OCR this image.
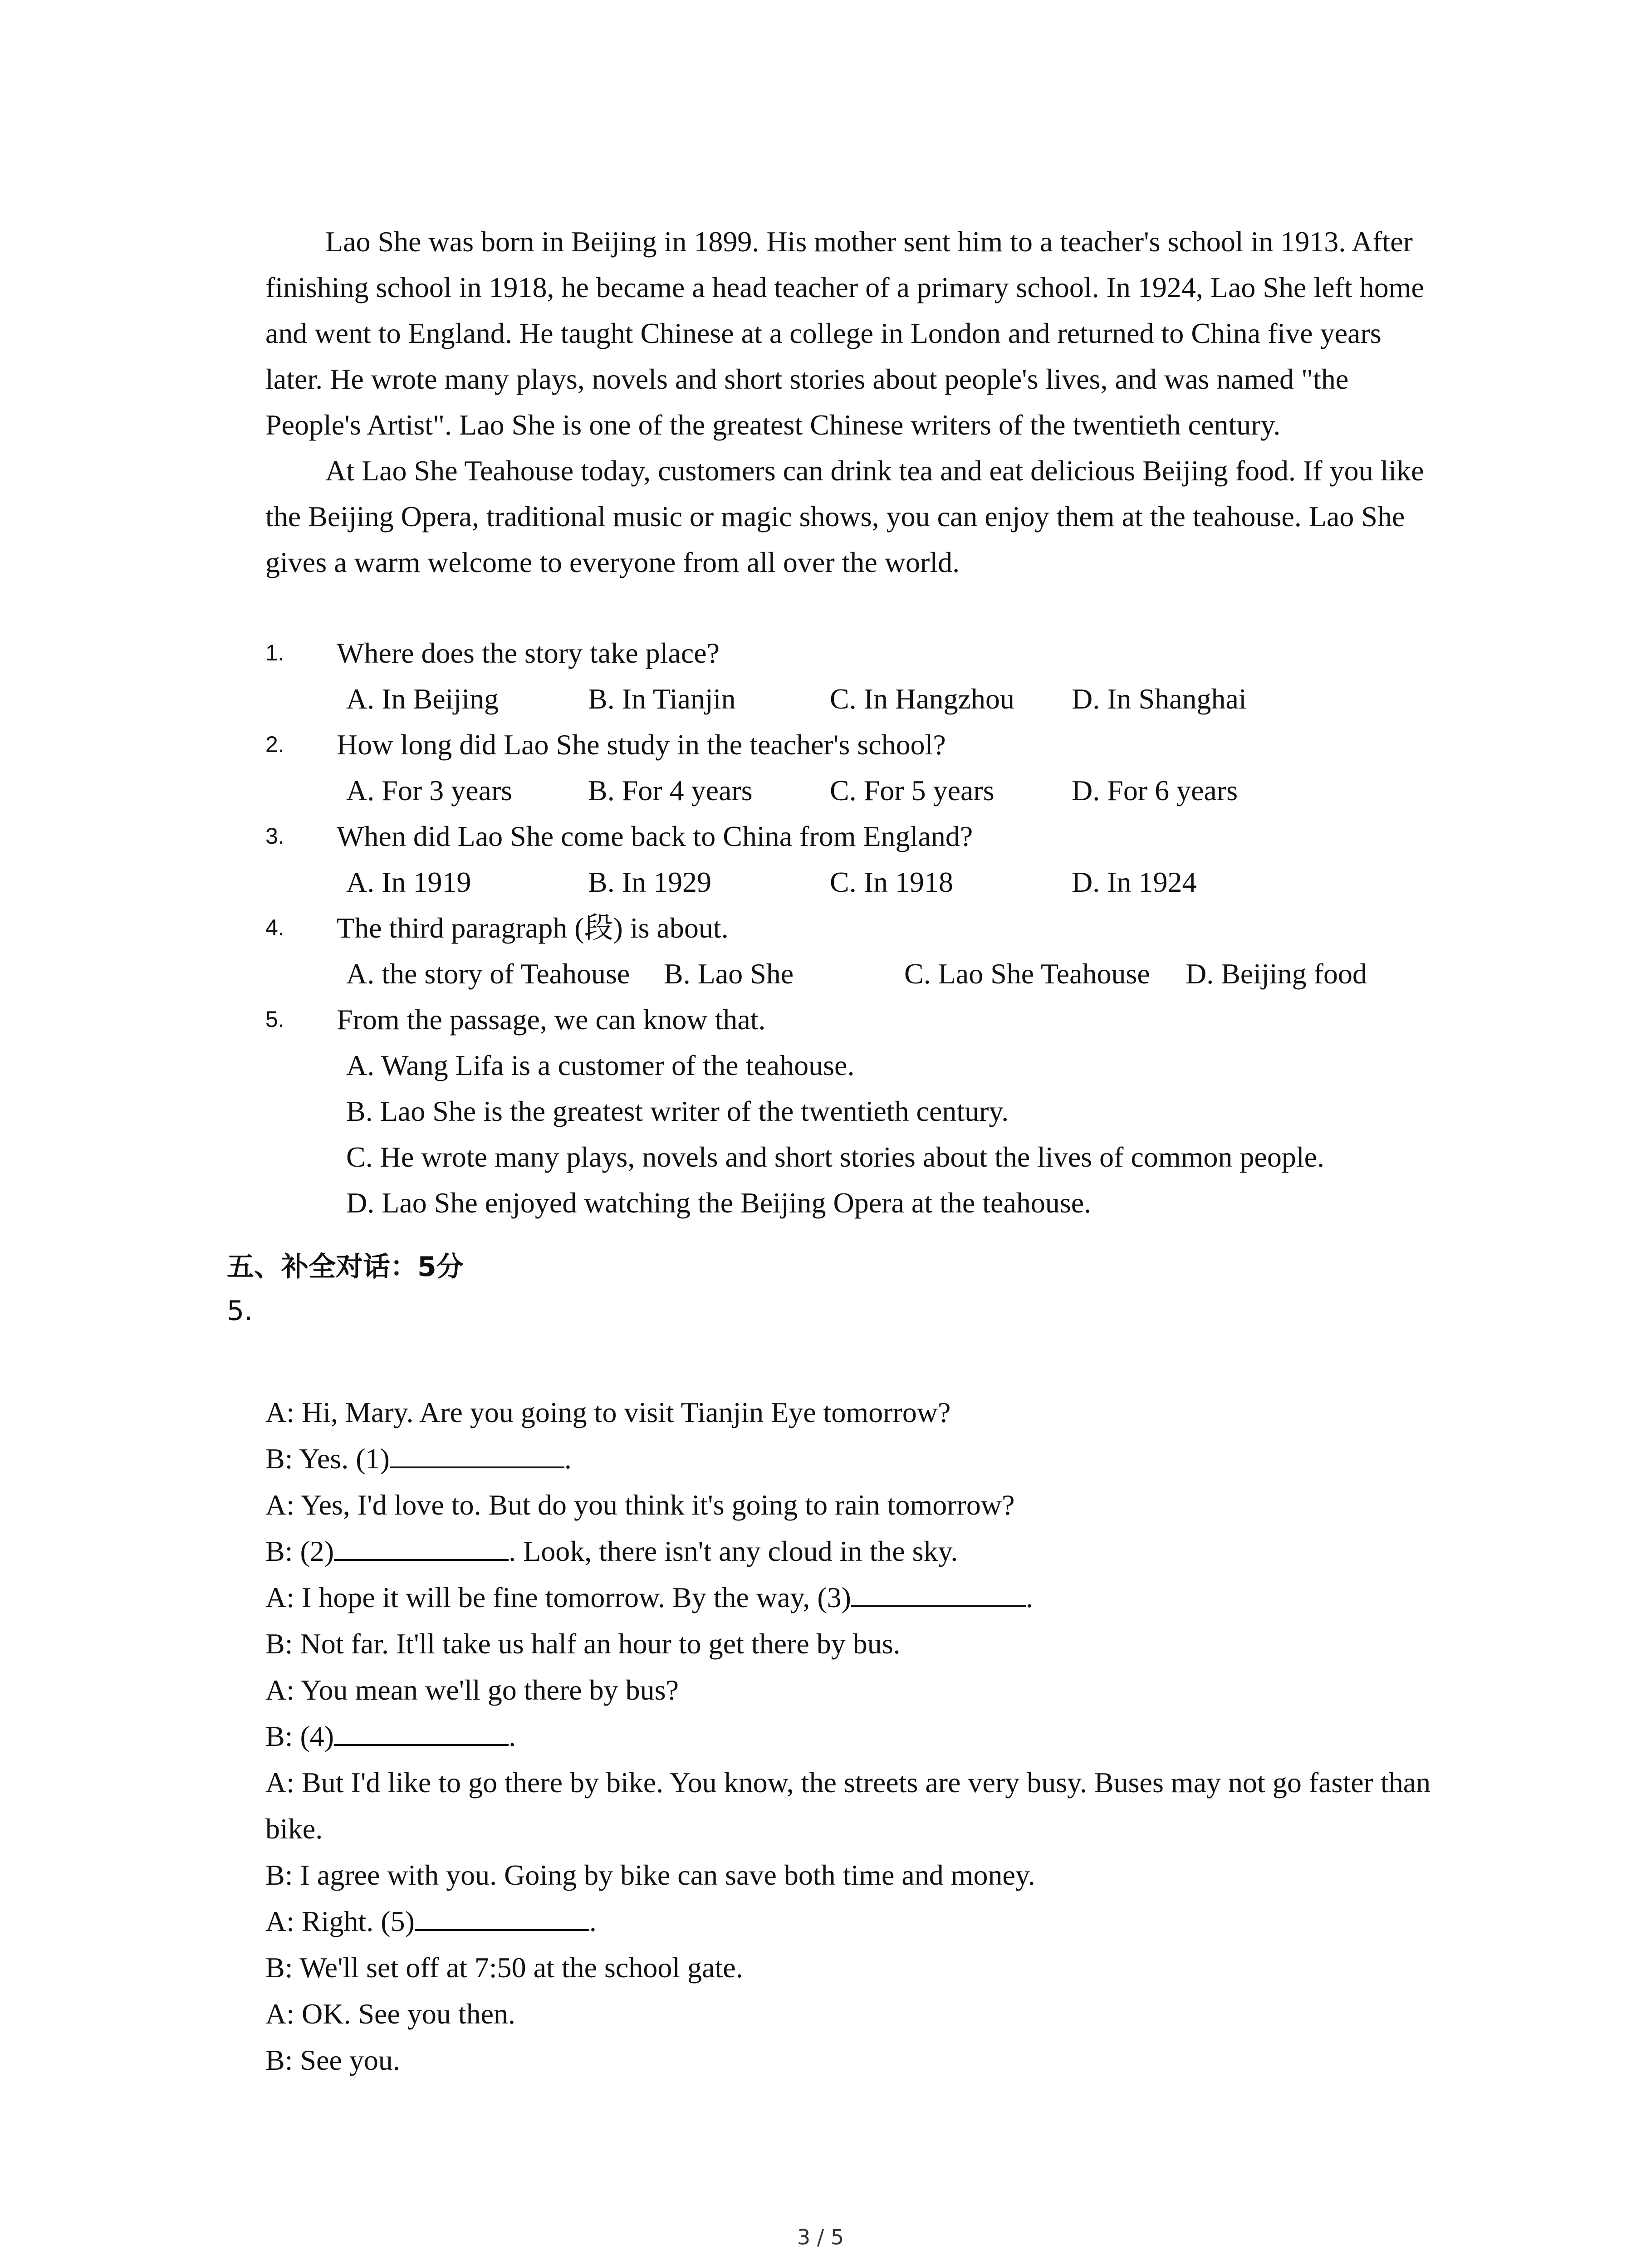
Lao She was born in Beijing in 1899. His mother sent him to a teacher's school in 1913. After finishing school in 1918, he became a head teacher of a primary school. In 1924, Lao She left home and went to England. He taught Chinese at a college in London and returned to China five years later. He wrote many plays, novels and short stories about people's lives, and was named "the People's Artist". Lao She is one of the greatest Chinese writers of the twentieth century.

At Lao She Teahouse today, customers can drink tea and eat delicious Beijing food. If you like the Beijing Opera, traditional music or magic shows, you can enjoy them at the teahouse. Lao She gives a warm welcome to everyone from all over the world.

1. Where does the story take place?
A. In Beijing	B. In Tianjin	C. In Hangzhou	D. In Shanghai
2. How long did Lao She study in the teacher's school?
A. For 3 years	B. For 4 years	C. For 5 years	D. For 6 years
3. When did Lao She come back to China from England?
A. In 1919	B. In 1929	C. In 1918	D. In 1924
4. The third paragraph (段) is about.
A. the story of Teahouse	B. Lao She	C. Lao She Teahouse	D. Beijing food
5. From the passage, we can know that.
A. Wang Lifa is a customer of the teahouse.
B. Lao She is the greatest writer of the twentieth century.
C. He wrote many plays, novels and short stories about the lives of common people.
D. Lao She enjoyed watching the Beijing Opera at the teahouse.
五、补全对话：5分
5.
A: Hi, Mary. Are you going to visit Tianjin Eye tomorrow?
B: Yes. (1)	.
A: Yes, I'd love to. But do you think it's going to rain tomorrow?
B: (2)	. Look, there isn't any cloud in the sky.
A: I hope it will be fine tomorrow. By the way, (3)	.
B: Not far. It'll take us half an hour to get there by bus.
A: You mean we'll go there by bus?
B: (4)	.
A: But I'd like to go there by bike. You know, the streets are very busy. Buses may not go faster than bike.
B: I agree with you. Going by bike can save both time and money.
A: Right. (5)	.
B: We'll set off at 7:50 at the school gate.
A: OK. See you then.
B: See you.
3 / 5
